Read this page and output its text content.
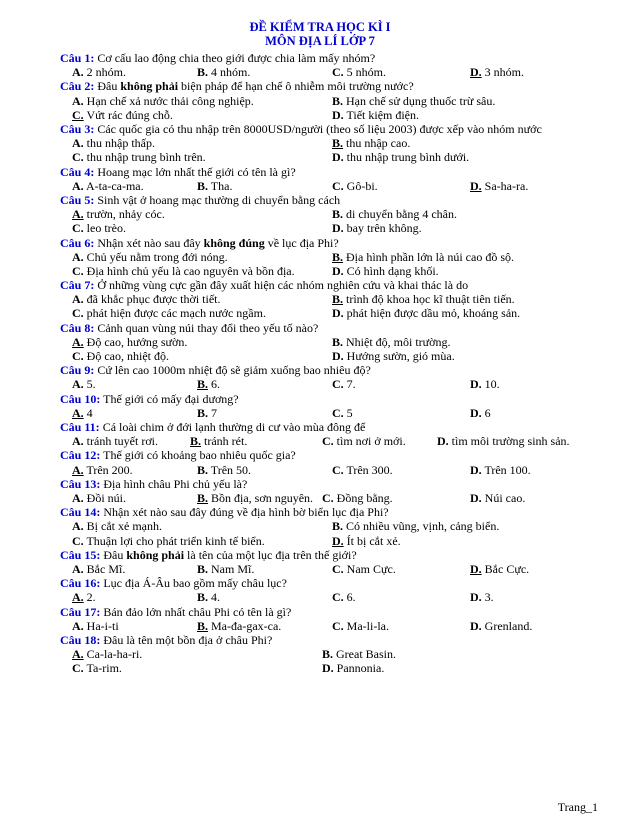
ĐỀ KIỂM TRA HỌC KÌ I
MÔN ĐỊA LÍ LỚP 7
Câu 1: Cơ cấu lao động chia theo giới được chia làm mấy nhóm?
A. 2 nhóm.	B. 4 nhóm.	C. 5 nhóm.	D. 3 nhóm.
Câu 2: Đâu không phải biện pháp để hạn chế ô nhiễm môi trường nước?
A. Hạn chế xả nước thải công nghiệp.	B. Hạn chế sử dụng thuốc trừ sâu.
C. Vứt rác đúng chỗ.	D. Tiết kiệm điện.
Câu 3: Các quốc gia có thu nhập trên 8000USD/người (theo số liệu 2003) được xếp vào nhóm nước
A. thu nhập thấp.	B. thu nhập cao.
C. thu nhập trung bình trên.	D. thu nhập trung bình dưới.
Câu 4: Hoang mạc lớn nhất thế giới có tên là gì?
A. A-ta-ca-ma.	B. Tha.	C. Gô-bi.	D. Sa-ha-ra.
Câu 5: Sinh vật ở hoang mạc thường di chuyển bằng cách
A. trườn, nhảy cóc.	B. di chuyển bằng 4 chân.
C. leo trèo.	D. bay trên không.
Câu 6: Nhận xét nào sau đây không đúng về lục địa Phi?
A. Chủ yếu nằm trong đới nóng.	B. Địa hình phần lớn là núi cao đồ sộ.
C. Địa hình chủ yếu là cao nguyên và bồn địa.	D. Có hình dạng khối.
Câu 7: Ở những vùng cực gần đây xuất hiện các nhóm nghiên cứu và khai thác là do
A. đã khắc phục được thời tiết.	B. trình độ khoa học kĩ thuật tiên tiến.
C. phát hiện được các mạch nước ngầm.	D. phát hiện được dầu mỏ, khoáng sản.
Câu 8: Cảnh quan vùng núi thay đổi theo yếu tố nào?
A. Độ cao, hướng sườn.	B. Nhiệt độ, môi trường.
C. Độ cao, nhiệt độ.	D. Hướng sườn, gió mùa.
Câu 9: Cứ lên cao 1000m nhiệt độ sẽ giảm xuống bao nhiêu độ?
A. 5.	B. 6.	C. 7.	D. 10.
Câu 10: Thế giới có mấy đại dương?
A. 4	B. 7	C. 5	D. 6
Câu 11: Cá loài chim ở đới lạnh thường di cư vào mùa đông để
A. tránh tuyết rơi.	B. tránh rét.	C. tìm nơi ở mới.	D. tìm môi trường sinh sản.
Câu 12: Thế giới có khoảng bao nhiêu quốc gia?
A. Trên 200.	B. Trên 50.	C. Trên 300.	D. Trên 100.
Câu 13: Địa hình châu Phi chủ yếu là?
A. Đồi núi.	B. Bồn địa, sơn nguyên. C. Đồng bằng.	D. Núi cao.
Câu 14: Nhận xét nào sau đây đúng về địa hình bờ biển lục địa Phi?
A. Bị cắt xẻ mạnh.	B. Có nhiều vũng, vịnh, cảng biển.
C. Thuận lợi cho phát triển kinh tế biển.	D. Ít bị cắt xẻ.
Câu 15: Đâu không phải là tên của một lục địa trên thế giới?
A. Bắc Mĩ.	B. Nam Mĩ.	C. Nam Cực.	D. Bắc Cực.
Câu 16: Lục địa Á-Âu bao gồm mấy châu lục?
A. 2.	B. 4.	C. 6.	D. 3.
Câu 17: Bán đảo lớn nhất châu Phi có tên là gì?
A. Ha-i-ti	B. Ma-đa-gax-ca.	C. Ma-li-la.	D. Grenland.
Câu 18: Đâu là tên một bồn địa ở châu Phi?
A. Ca-la-ha-ri.	B. Great Basin.
C. Ta-rim.	D. Pannonia.
Trang_1
